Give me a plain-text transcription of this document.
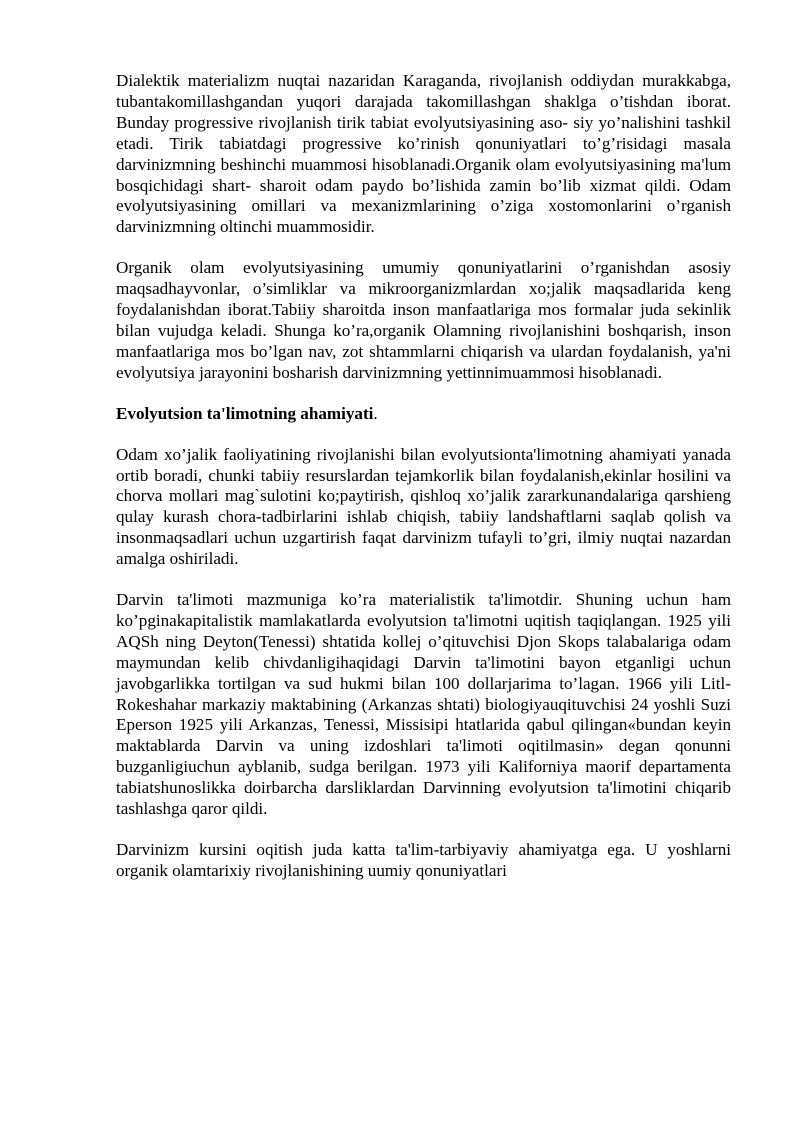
Dialektik materializm nuqtai nazaridan Karaganda, rivojlanish oddiydan murakkabga, tubantakomillashgandan yuqori darajada takomillashgan shaklga o’tishdan iborat. Bunday progressive rivojlanish tirik tabiat evolyutsiyasining aso- siy yo’nalishini tashkil etadi. Tirik tabiatdagi progressive ko’rinish qonuniyatlari to’g’risidagi masala darvinizmning beshinchi muammosi hisoblanadi.Organik olam evolyutsiyasining ma'lum bosqichidagi shart- sharoit odam paydo bo’lishida zamin bo’lib xizmat qildi. Odam evolyutsiyasining omillari va mexanizmlarining o’ziga xostomonlarini o’rganish darvinizmning oltinchi muammosidir.

Organik olam evolyutsiyasining umumiy qonuniyatlarini o’rganishdan asosiy maqsadhayvonlar, o’simliklar va mikroorganizmlardan xo;jalik maqsadlarida keng foydalanishdan iborat.Tabiiy sharoitda inson manfaatlariga mos formalar juda sekinlik bilan vujudga keladi. Shunga ko’ra,organik Olamning rivojlanishini boshqarish, inson manfaatlariga mos bo’lgan nav, zot shtammlarni chiqarish va ulardan foydalanish, ya'ni evolyutsiya jarayonini bosharish darvinizmning yettinnimuammosi hisoblanadi.

Evolyutsion ta'limotning ahamiyati.

Odam xo’jalik faoliyatining rivojlanishi bilan evolyutsionta'limotning ahamiyati yanada ortib boradi, chunki tabiiy resurslardan tejamkorlik bilan foydalanish,ekinlar hosilini va chorva mollari mag`sulotini ko;paytirish, qishloq xo’jalik zararkunandalariga qarshieng qulay kurash chora-tadbirlarini ishlab chiqish, tabiiy landshaftlarni saqlab qolish va insonmaqsadlari uchun uzgartirish faqat darvinizm tufayli to’gri, ilmiy nuqtai nazardan amalga oshiriladi.

Darvin ta'limoti mazmuniga ko’ra materialistik ta'limotdir. Shuning uchun ham ko’pginakapitalistik mamlakatlarda evolyutsion ta'limotni uqitish taqiqlangan. 1925 yili AQSh ning Deyton(Tenessi) shtatida kollej o’qituvchisi Djon Skops talabalariga odam maymundan kelib chivdanligihaqidagi Darvin ta'limotini bayon etganligi uchun javobgarlikka tortilgan va sud hukmi bilan 100 dollarjarima to’lagan. 1966 yili Litl-Rokeshahar markaziy maktabining (Arkanzas shtati) biologiyauqituvchisi 24 yoshli Suzi Eperson 1925 yili Arkanzas, Tenessi, Missisipi htatlarida qabul qilingan«bundan keyin maktablarda Darvin va uning izdoshlari ta'limoti oqitilmasin» degan qonunni buzganligiuchun ayblanib, sudga berilgan. 1973 yili Kaliforniya maorif departamenta tabiatshunoslikka doirbarcha darsliklardan Darvinning evolyutsion ta'limotini chiqarib tashlashga qaror qildi.

Darvinizm kursini oqitish juda katta ta'lim-tarbiyaviy ahamiyatga ega. U yoshlarni organik olamtarixiy rivojlanishining uumiy qonuniyatlari
